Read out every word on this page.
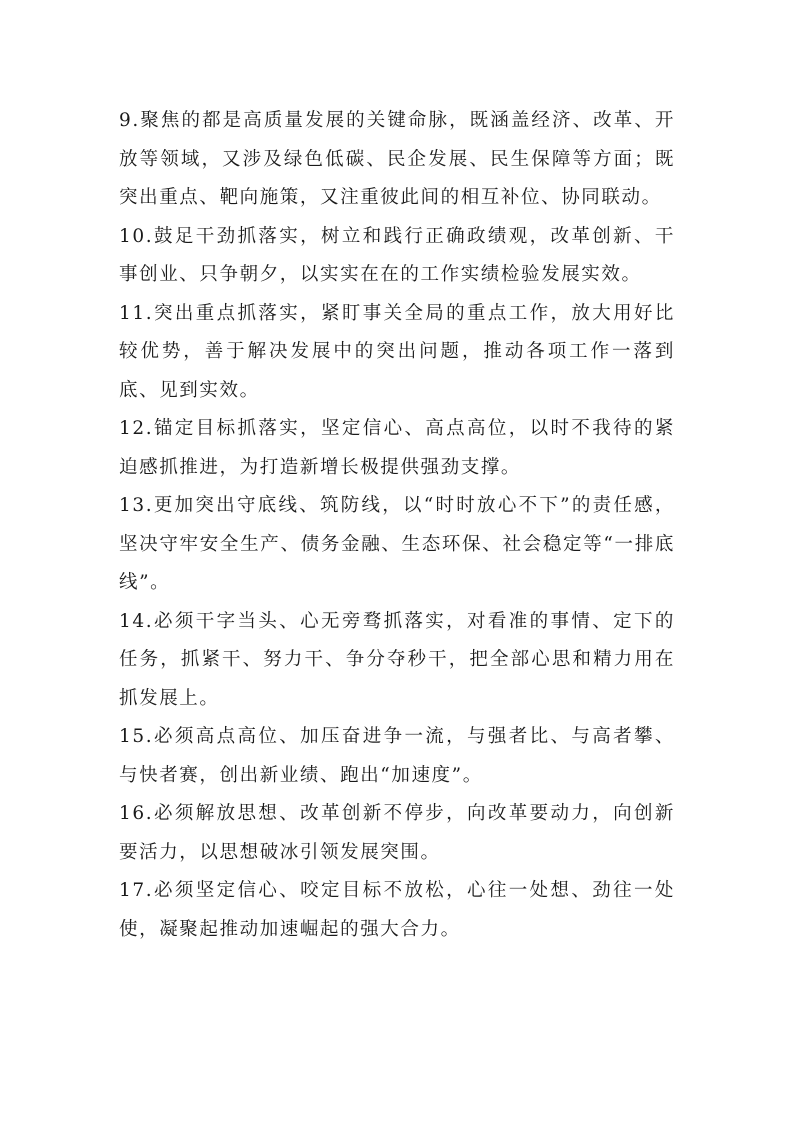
9.聚焦的都是高质量发展的关键命脉，既涵盖经济、改革、开放等领域，又涉及绿色低碳、民企发展、民生保障等方面；既突出重点、靶向施策，又注重彼此间的相互补位、协同联动。

10.鼓足干劲抓落实，树立和践行正确政绩观，改革创新、干事创业、只争朝夕，以实实在在的工作实绩检验发展实效。

11.突出重点抓落实，紧盯事关全局的重点工作，放大用好比较优势，善于解决发展中的突出问题，推动各项工作一落到底、见到实效。

12.锚定目标抓落实，坚定信心、高点高位，以时不我待的紧迫感抓推进，为打造新增长极提供强劲支撑。

13.更加突出守底线、筑防线，以“时时放心不下”的责任感，坚决守牢安全生产、债务金融、生态环保、社会稳定等“一排底线”。

14.必须干字当头、心无旁骛抓落实，对看准的事情、定下的任务，抓紧干、努力干、争分夺秒干，把全部心思和精力用在抓发展上。

15.必须高点高位、加压奋进争一流，与强者比、与高者攀、与快者赛，创出新业绩、跑出“加速度”。

16.必须解放思想、改革创新不停步，向改革要动力，向创新要活力，以思想破冰引领发展突围。

17.必须坚定信心、咬定目标不放松，心往一处想、劲往一处使，凝聚起推动加速崛起的强大合力。
